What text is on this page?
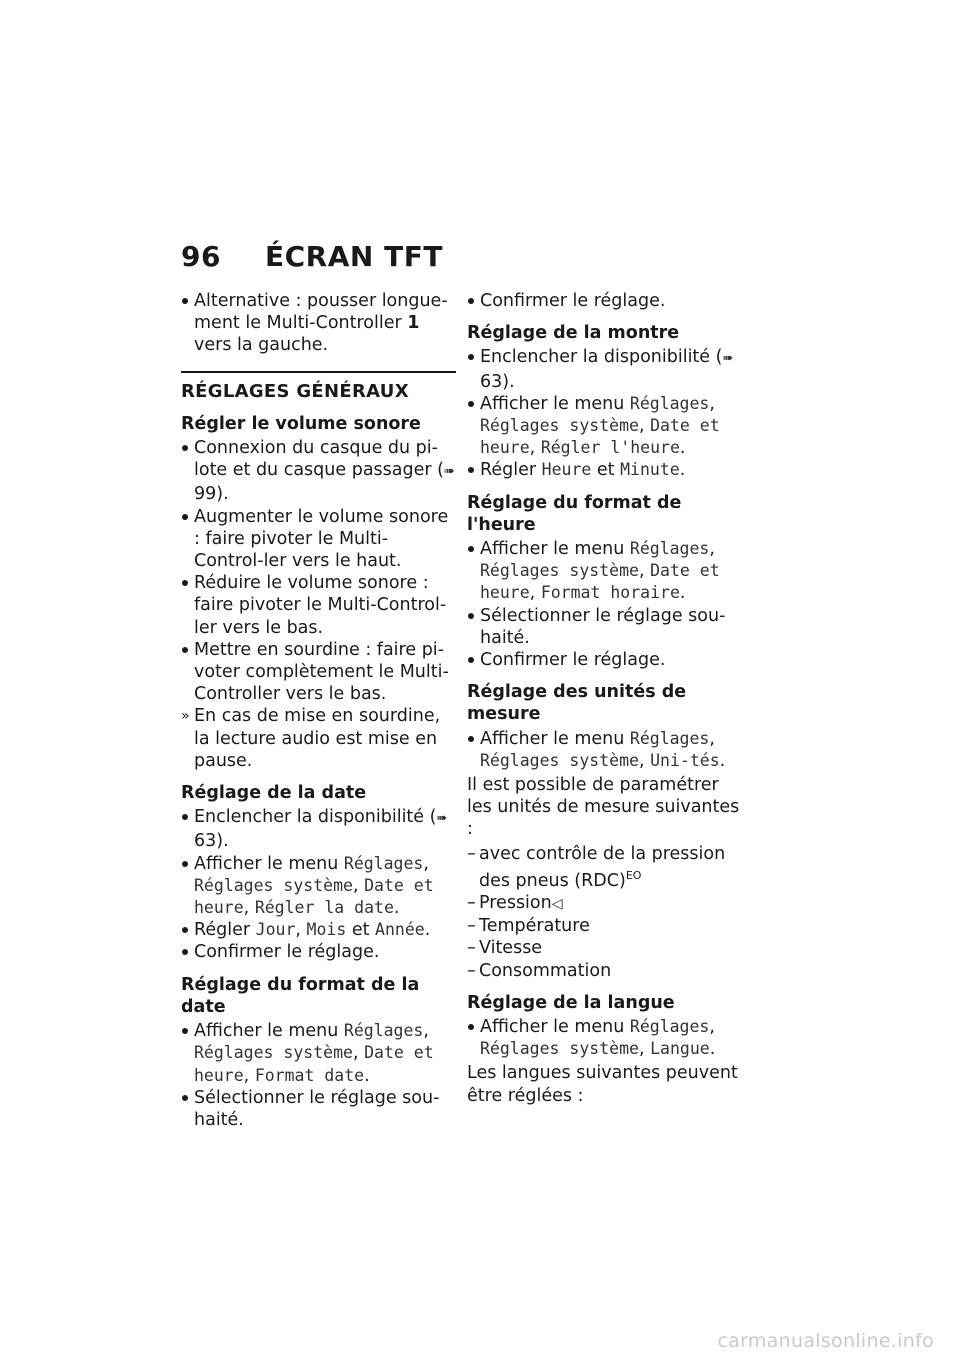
96 ÉCRAN TFT

Alternative : pousser longue-ment le Multi-Controller 1 vers la gauche.

RÉGLAGES GÉNÉRAUX
Régler le volume sonore

Connexion du casque du pi-lote et du casque passager (➠ 99).

Augmenter le volume sonore : faire pivoter le Multi-Control-ler vers le haut.

Réduire le volume sonore : faire pivoter le Multi-Control-ler vers le bas.

Mettre en sourdine : faire pi-voter complètement le Multi-Controller vers le bas.

» En cas de mise en sourdine, la lecture audio est mise en pause.

Réglage de la date

Enclencher la disponibilité (➠ 63).

Afficher le menu Réglages, Réglages système, Date et heure, Régler la date.

Régler Jour, Mois et Année.

Confirmer le réglage.

Réglage du format de la date

Afficher le menu Réglages, Réglages système, Date et heure, Format date.

Sélectionner le réglage sou-haité.

Confirmer le réglage.

Réglage de la montre

Enclencher la disponibilité (➠ 63).

Afficher le menu Réglages, Réglages système, Date et heure, Régler l'heure.

Régler Heure et Minute.

Réglage du format de l'heure

Afficher le menu Réglages, Réglages système, Date et heure, Format horaire.

Sélectionner le réglage sou-haité.

Confirmer le réglage.

Réglage des unités de mesure

Afficher le menu Réglages, Réglages système, Uni-tés.

Il est possible de paramétrer les unités de mesure suivantes :

– avec contrôle de la pression des pneus (RDC)$^{EO}$

– Pression◁

– Température

– Vitesse

– Consommation

Réglage de la langue

Afficher le menu Réglages, Réglages système, Langue.

Les langues suivantes peuvent être réglées :

carmanualsonline.info
